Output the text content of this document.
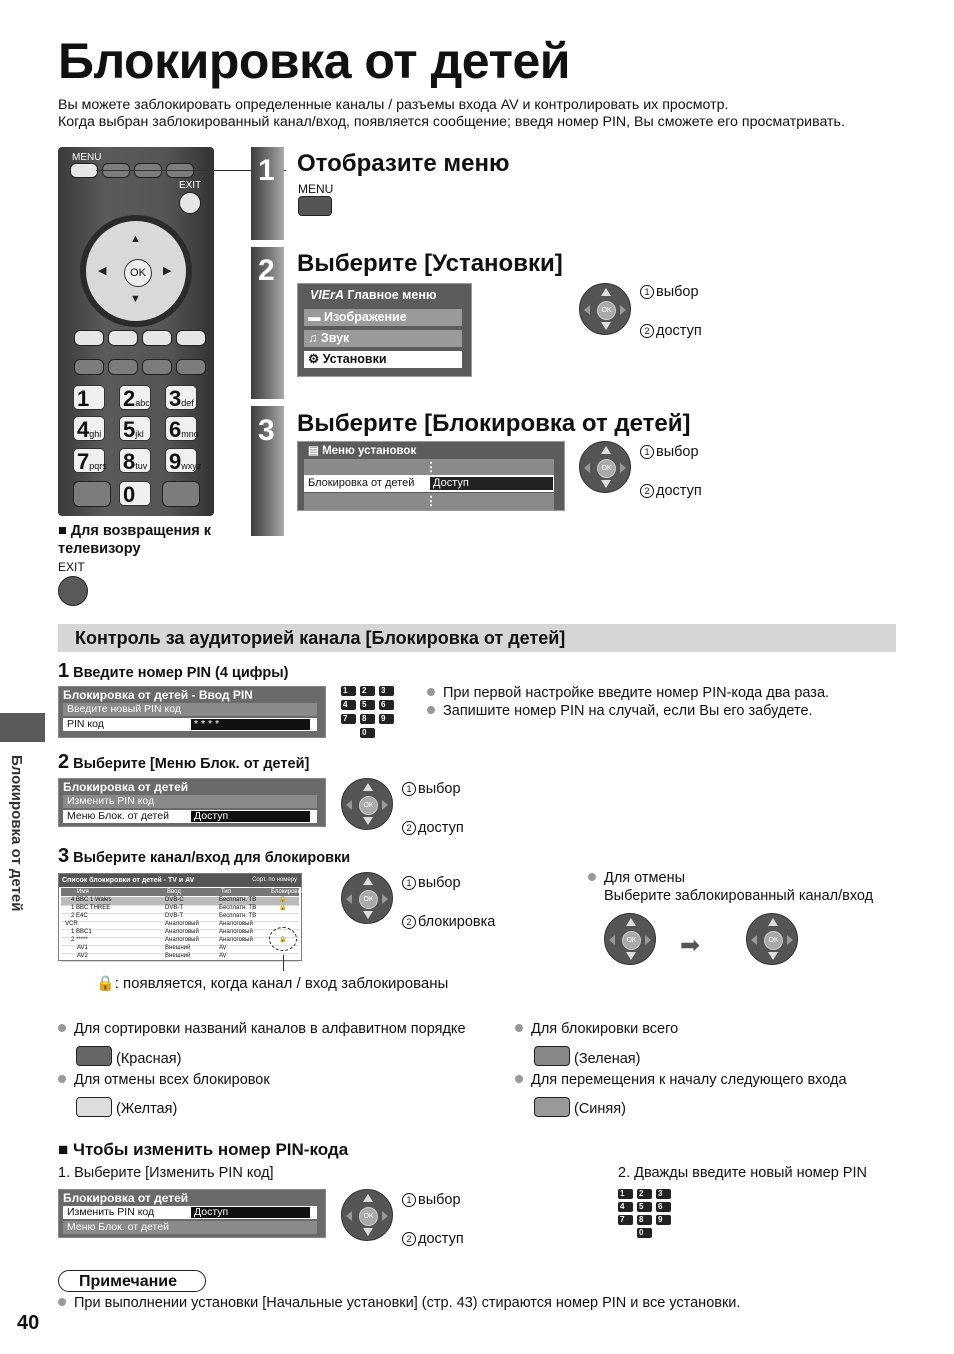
Блокировка от детей
Вы можете заблокировать определенные каналы / разъемы входа AV и контролировать их просмотр.
Когда выбран заблокированный канал/вход, появляется сообщение; введя номер PIN, Вы сможете его просматривать.
MENU
EXIT
▲
▼
◀	▶
OK
1	2abc 3def
4ghi 5jkl	6mno
7pqrs 8tuv 9wxyz
0
■ Для возвращения к телевизору
EXIT
1 Отобразите меню
MENU
2 Выберите [Установки]
VIErA Главное меню
▬ Изображение
♫ Звук
⚙ Установки
3 Выберите [Блокировка от детей]
▤ Меню установок
⋮
Блокировка от детей Доступ
⋮
OK
1 выбор
2 доступ
OK
1 выбор
2 доступ
Блокировка от детей
Контроль за аудиторией канала [Блокировка от детей]
1 Введите номер PIN (4 цифры)
Блокировка от детей - Ввод PIN
Введите новый PIN код
PIN код	* * * *
1	2	3
4	5	6
7	8	9
0
При первой настройке введите номер PIN-кода два раза.
Запишите номер PIN на случай, если Вы его забудете.
2 Выберите [Меню Блок. от детей]
Блокировка от детей
Изменить PIN код
Меню Блок. от детей Доступ
OK
1 выбор
2 доступ
3 Выберите канал/вход для блокировки
Список блокировки от детей - TV и AV	Сорт. по номеру
Имя	Ввод	Тип	Блокировка
4 BBC 1 Wales	DVB-C	Бесплатн. ТВ	🔒
1 BBC THREE	DVB-T	Бесплатн. ТВ	🔒
2 E4C	DVB-T	Бесплатн. ТВ
VCR	Аналоговый	Аналоговый
1 BBC1	Аналоговый	Аналоговый
2 *****	Аналоговый	Аналоговый	🔒
AV1	Внешний	AV
AV2	Внешний	AV
OK
1 выбор
2 блокировка
Для отмены
Выберите заблокированный канал/вход
OK ➡	OK
🔒: появляется, когда канал / вход заблокированы
Для сортировки названий каналов в алфавитном порядке
(Красная)
Для отмены всех блокировок
(Желтая)
Для блокировки всего
(Зеленая)
Для перемещения к началу следующего входа
(Синяя)
■ Чтобы изменить номер PIN-кода
1. Выберите [Изменить PIN код]	2. Дважды введите новый номер PIN
Блокировка от детей
Изменить PIN код	Доступ
Меню Блок. от детей
OK
1 выбор
2 доступ
1	2	3
4	5	6
7	8	9
0
Примечание
При выполнении установки [Начальные установки] (стр. 43) стираются номер PIN и все установки.
40
